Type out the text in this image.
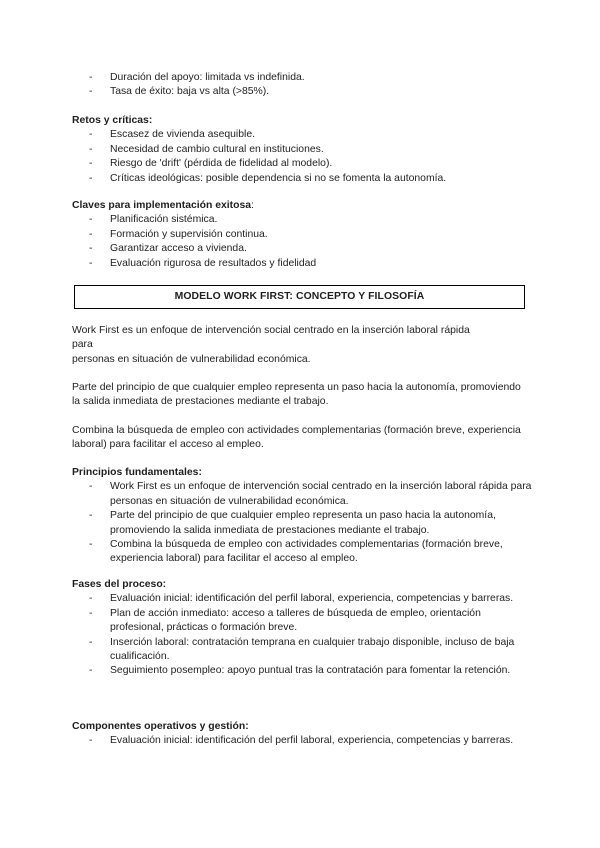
- Duración del apoyo: limitada vs indefinida.
- Tasa de éxito: baja vs alta (>85%).
Retos y críticas:
- Escasez de vivienda asequible.
- Necesidad de cambio cultural en instituciones.
- Riesgo de 'drift' (pérdida de fidelidad al modelo).
- Críticas ideológicas: posible dependencia si no se fomenta la autonomía.
Claves para implementación exitosa:
- Planificación sistémica.
- Formación y supervisión continua.
- Garantizar acceso a vivienda.
- Evaluación rigurosa de resultados y fidelidad
MODELO WORK FIRST: CONCEPTO Y FILOSOFÍA
Work First es un enfoque de intervención social centrado en la inserción laboral rápida
para
personas en situación de vulnerabilidad económica.

Parte del principio de que cualquier empleo representa un paso hacia la autonomía, promoviendo la salida inmediata de prestaciones mediante el trabajo.

Combina la búsqueda de empleo con actividades complementarias (formación breve, experiencia laboral) para facilitar el acceso al empleo.

Principios fundamentales:
- Work First es un enfoque de intervención social centrado en la inserción laboral rápida para personas en situación de vulnerabilidad económica.
- Parte del principio de que cualquier empleo representa un paso hacia la autonomía, promoviendo la salida inmediata de prestaciones mediante el trabajo.
- Combina la búsqueda de empleo con actividades complementarias (formación breve, experiencia laboral) para facilitar el acceso al empleo.
Fases del proceso:
- Evaluación inicial: identificación del perfil laboral, experiencia, competencias y barreras.
- Plan de acción inmediato: acceso a talleres de búsqueda de empleo, orientación profesional, prácticas o formación breve.
- Inserción laboral: contratación temprana en cualquier trabajo disponible, incluso de baja cualificación.
- Seguimiento posempleo: apoyo puntual tras la contratación para fomentar la retención.
Componentes operativos y gestión:
- Evaluación inicial: identificación del perfil laboral, experiencia, competencias y barreras.
